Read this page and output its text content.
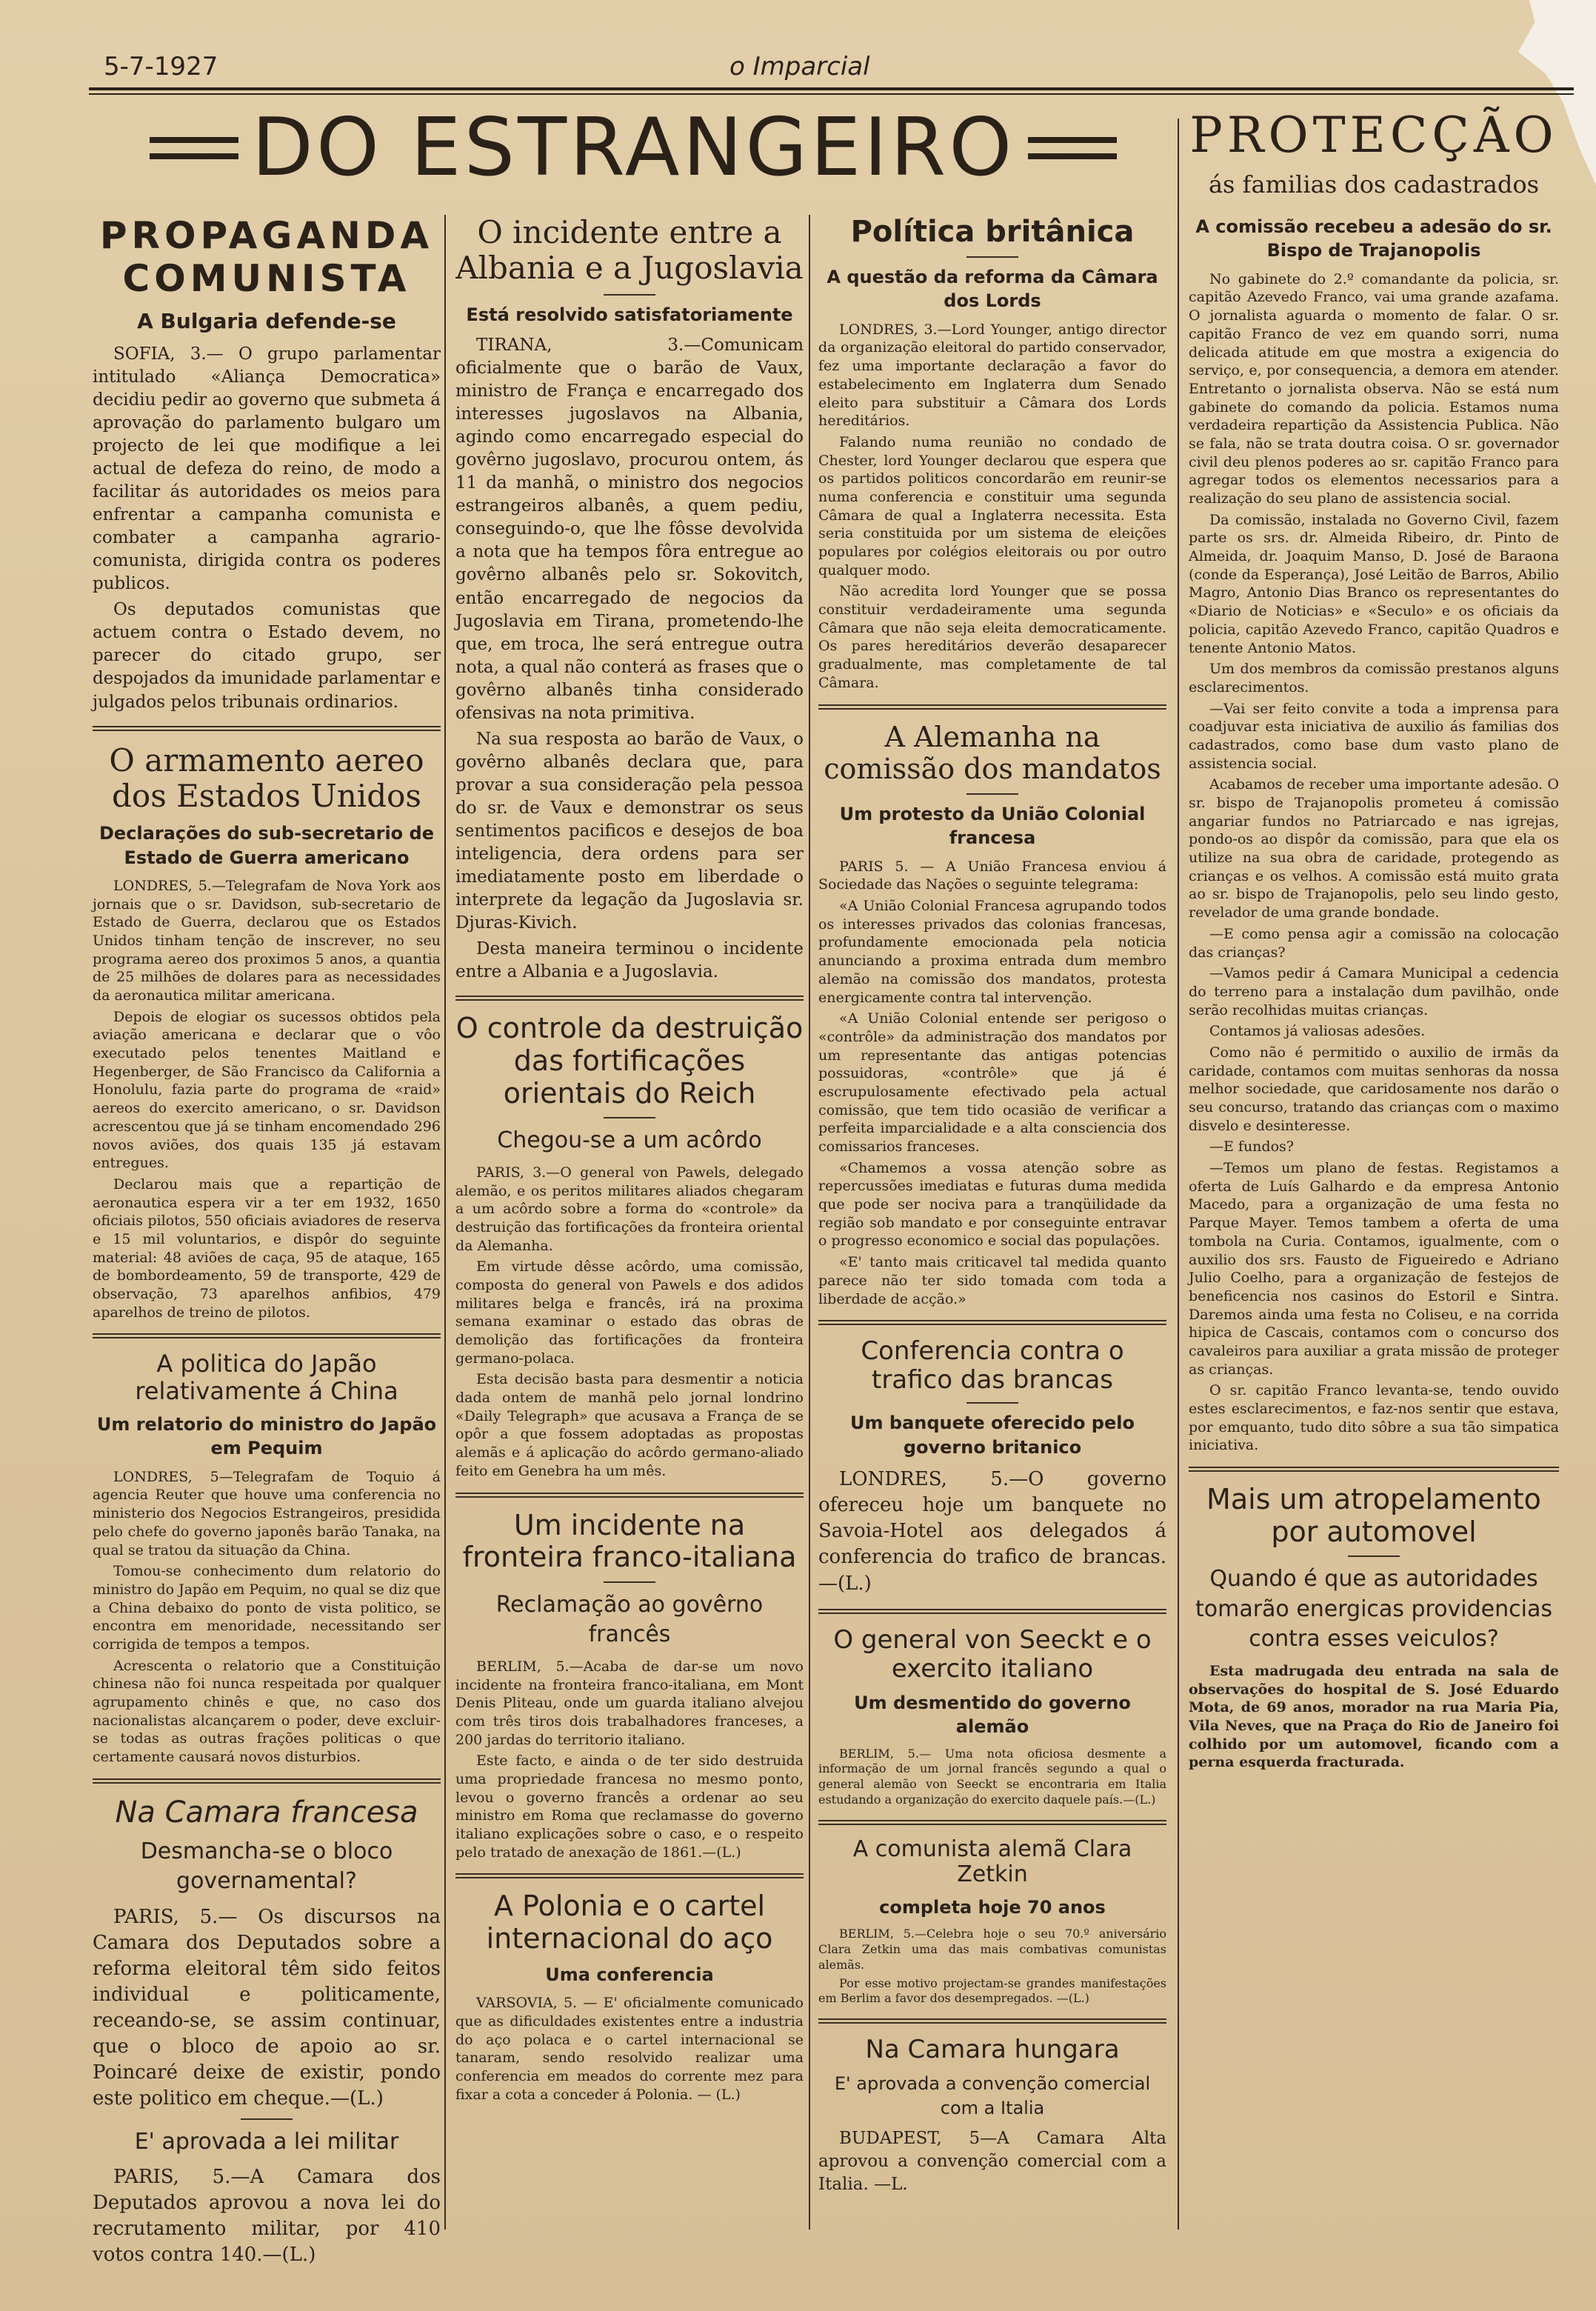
5-7-1927	o Imparcial
DO ESTRANGEIRO	PROTECÇÃO
ás familias dos cadastrados
PROPAGANDA COMUNISTA
A Bulgaria defende-se

SOFIA, 3.— O grupo parlamentar intitulado «Aliança Democratica» decidiu pedir ao governo que submeta á aprovação do parlamento bulgaro um projecto de lei que modifique a lei actual de defeza do reino, de modo a facilitar ás autoridades os meios para enfrentar a campanha comunista e combater a campanha agrario-comunista, dirigida contra os poderes publicos.

Os deputados comunistas que actuem contra o Estado devem, no parecer do citado grupo, ser despojados da imunidade parlamentar e julgados pelos tribunais ordinarios.

O armamento aereo dos Estados Unidos
Declarações do sub-secretario de Estado de Guerra americano

LONDRES, 5.—Telegrafam de Nova York aos jornais que o sr. Davidson, sub-secretario de Estado de Guerra, declarou que os Estados Unidos tinham tenção de inscrever, no seu programa aereo dos proximos 5 anos, a quantia de 25 milhões de dolares para as necessidades da aeronautica militar americana.

Depois de elogiar os sucessos obtidos pela aviação americana e declarar que o vôo executado pelos tenentes Maitland e Hegenberger, de São Francisco da California a Honolulu, fazia parte do programa de «raid» aereos do exercito americano, o sr. Davidson acrescentou que já se tinham encomendado 296 novos aviões, dos quais 135 já estavam entregues.

Declarou mais que a repartição de aeronautica espera vir a ter em 1932, 1650 oficiais pilotos, 550 oficiais aviadores de reserva e 15 mil voluntarios, e dispôr do seguinte material: 48 aviões de caça, 95 de ataque, 165 de bombordeamento, 59 de transporte, 429 de observação, 73 aparelhos anfibios, 479 aparelhos de treino de pilotos.

A politica do Japão relativamente á China
Um relatorio do ministro do Japão em Pequim

LONDRES, 5—Telegrafam de Toquio á agencia Reuter que houve uma conferencia no ministerio dos Negocios Estrangeiros, presidida pelo chefe do governo japonês barão Tanaka, na qual se tratou da situação da China.

Tomou-se conhecimento dum relatorio do ministro do Japão em Pequim, no qual se diz que a China debaixo do ponto de vista politico, se encontra em menoridade, necessitando ser corrigida de tempos a tempos.

Acrescenta o relatorio que a Constituição chinesa não foi nunca respeitada por qualquer agrupamento chinês e que, no caso dos nacionalistas alcançarem o poder, deve excluir-se todas as outras frações politicas o que certamente causará novos disturbios.

Na Camara francesa
Desmancha-se o bloco governamental?

PARIS, 5.— Os discursos na Camara dos Deputados sobre a reforma eleitoral têm sido feitos individual e politicamente, receando-se, se assim continuar, que o bloco de apoio ao sr. Poincaré deixe de existir, pondo este politico em cheque.—(L.)

E' aprovada a lei militar

PARIS, 5.—A Camara dos Deputados aprovou a nova lei do recrutamento militar, por 410 votos contra 140.—(L.)

O incidente entre a Albania e a Jugoslavia
Está resolvido satisfatoriamente

TIRANA, 3.—Comunicam oficialmente que o barão de Vaux, ministro de França e encarregado dos interesses jugoslavos na Albania, agindo como encarregado especial do govêrno jugoslavo, procurou ontem, ás 11 da manhã, o ministro dos negocios estrangeiros albanês, a quem pediu, conseguindo-o, que lhe fôsse devolvida a nota que ha tempos fôra entregue ao govêrno albanês pelo sr. Sokovitch, então encarregado de negocios da Jugoslavia em Tirana, prometendo-lhe que, em troca, lhe será entregue outra nota, a qual não conterá as frases que o govêrno albanês tinha considerado ofensivas na nota primitiva.

Na sua resposta ao barão de Vaux, o govêrno albanês declara que, para provar a sua consideração pela pessoa do sr. de Vaux e demonstrar os seus sentimentos pacificos e desejos de boa inteligencia, dera ordens para ser imediatamente posto em liberdade o interprete da legação da Jugoslavia sr. Djuras-Kivich.

Desta maneira terminou o incidente entre a Albania e a Jugoslavia.

O controle da destruição das fortificações orientais do Reich
Chegou-se a um acôrdo

PARIS, 3.—O general von Pawels, delegado alemão, e os peritos militares aliados chegaram a um acôrdo sobre a forma do «controle» da destruição das fortificações da fronteira oriental da Alemanha.

Em virtude dêsse acôrdo, uma comissão, composta do general von Pawels e dos adidos militares belga e francês, irá na proxima semana examinar o estado das obras de demolição das fortificações da fronteira germano-polaca.

Esta decisão basta para desmentir a noticia dada ontem de manhã pelo jornal londrino «Daily Telegraph» que acusava a França de se opôr a que fossem adoptadas as propostas alemãs e á aplicação do acôrdo germano-aliado feito em Genebra ha um mês.

Um incidente na fronteira franco-italiana
Reclamação ao govêrno francês

BERLIM, 5.—Acaba de dar-se um novo incidente na fronteira franco-italiana, em Mont Denis Pliteau, onde um guarda italiano alvejou com três tiros dois trabalhadores franceses, a 200 jardas do territorio italiano.

Este facto, e ainda o de ter sido destruida uma propriedade francesa no mesmo ponto, levou o governo francês a ordenar ao seu ministro em Roma que reclamasse do governo italiano explicações sobre o caso, e o respeito pelo tratado de anexação de 1861.—(L.)

A Polonia e o cartel internacional do aço
Uma conferencia

VARSOVIA, 5. — E' oficialmente comunicado que as dificuldades existentes entre a industria do aço polaca e o cartel internacional se tanaram, sendo resolvido realizar uma conferencia em meados do corrente mez para fixar a cota a conceder á Polonia. — (L.)

Política britânica
A questão da reforma da Câmara dos Lords

LONDRES, 3.—Lord Younger, antigo director da organização eleitoral do partido conservador, fez uma importante declaração a favor do estabelecimento em Inglaterra dum Senado eleito para substituir a Câmara dos Lords hereditários.

Falando numa reunião no condado de Chester, lord Younger declarou que espera que os partidos politicos concordarão em reunir-se numa conferencia e constituir uma segunda Câmara de qual a Inglaterra necessita. Esta seria constituida por um sistema de eleições populares por colégios eleitorais ou por outro qualquer modo.

Não acredita lord Younger que se possa constituir verdadeiramente uma segunda Câmara que não seja eleita democraticamente. Os pares hereditários deverão desaparecer gradualmente, mas completamente de tal Câmara.

A Alemanha na comissão dos mandatos
Um protesto da União Colonial francesa

PARIS 5. — A União Francesa enviou á Sociedade das Nações o seguinte telegrama:

«A União Colonial Francesa agrupando todos os interesses privados das colonias francesas, profundamente emocionada pela noticia anunciando a proxima entrada dum membro alemão na comissão dos mandatos, protesta energicamente contra tal intervenção.

«A União Colonial entende ser perigoso o «contrôle» da administração dos mandatos por um representante das antigas potencias possuidoras, «contrôle» que já é escrupulosamente efectivado pela actual comissão, que tem tido ocasião de verificar a perfeita imparcialidade e a alta consciencia dos comissarios franceses.

«Chamemos a vossa atenção sobre as repercussões imediatas e futuras duma medida que pode ser nociva para a tranqüilidade da região sob mandato e por conseguinte entravar o progresso economico e social das populações.

«E' tanto mais criticavel tal medida quanto parece não ter sido tomada com toda a liberdade de acção.»

Conferencia contra o trafico das brancas
Um banquete oferecido pelo governo britanico

LONDRES, 5.—O governo ofereceu hoje um banquete no Savoia-Hotel aos delegados á conferencia do trafico de brancas. —(L.)

O general von Seeckt e o exercito italiano
Um desmentido do governo alemão

BERLIM, 5.— Uma nota oficiosa desmente a informação de um jornal francês segundo a qual o general alemão von Seeckt se encontraria em Italia estudando a organização do exercito daquele país.—(L.)

A comunista alemã Clara Zetkin
completa hoje 70 anos

BERLIM, 5.—Celebra hoje o seu 70.º aniversário Clara Zetkin uma das mais combativas comunistas alemãs.

Por esse motivo projectam-se grandes manifestações em Berlim a favor dos desempregados. —(L.)

Na Camara hungara
E' aprovada a convenção comercial com a Italia

BUDAPEST, 5—A Camara Alta aprovou a convenção comercial com a Italia. —L.

A comissão recebeu a adesão do sr. Bispo de Trajanopolis

No gabinete do 2.º comandante da policia, sr. capitão Azevedo Franco, vai uma grande azafama. O jornalista aguarda o momento de falar. O sr. capitão Franco de vez em quando sorri, numa delicada atitude em que mostra a exigencia do serviço, e, por consequencia, a demora em atender. Entretanto o jornalista observa. Não se está num gabinete do comando da policia. Estamos numa verdadeira repartição da Assistencia Publica. Não se fala, não se trata doutra coisa. O sr. governador civil deu plenos poderes ao sr. capitão Franco para agregar todos os elementos necessarios para a realização do seu plano de assistencia social.

Da comissão, instalada no Governo Civil, fazem parte os srs. dr. Almeida Ribeiro, dr. Pinto de Almeida, dr. Joaquim Manso, D. José de Baraona (conde da Esperança), José Leitão de Barros, Abilio Magro, Antonio Dias Branco os representantes do «Diario de Noticias» e «Seculo» e os oficiais da policia, capitão Azevedo Franco, capitão Quadros e tenente Antonio Matos.

Um dos membros da comissão prestanos alguns esclarecimentos.

—Vai ser feito convite a toda a imprensa para coadjuvar esta iniciativa de auxilio ás familias dos cadastrados, como base dum vasto plano de assistencia social.

Acabamos de receber uma importante adesão. O sr. bispo de Trajanopolis prometeu á comissão angariar fundos no Patriarcado e nas igrejas, pondo-os ao dispôr da comissão, para que ela os utilize na sua obra de caridade, protegendo as crianças e os velhos. A comissão está muito grata ao sr. bispo de Trajanopolis, pelo seu lindo gesto, revelador de uma grande bondade.

—E como pensa agir a comissão na colocação das crianças?

—Vamos pedir á Camara Municipal a cedencia do terreno para a instalação dum pavilhão, onde serão recolhidas muitas crianças.

Contamos já valiosas adesões.

Como não é permitido o auxilio de irmãs da caridade, contamos com muitas senhoras da nossa melhor sociedade, que caridosamente nos darão o seu concurso, tratando das crianças com o maximo disvelo e desinteresse.

—E fundos?

—Temos um plano de festas. Registamos a oferta de Luís Galhardo e da empresa Antonio Macedo, para a organização de uma festa no Parque Mayer. Temos tambem a oferta de uma tombola na Curia. Contamos, igualmente, com o auxilio dos srs. Fausto de Figueiredo e Adriano Julio Coelho, para a organização de festejos de beneficencia nos casinos do Estoril e Sintra. Daremos ainda uma festa no Coliseu, e na corrida hipica de Cascais, contamos com o concurso dos cavaleiros para auxiliar a grata missão de proteger as crianças.

O sr. capitão Franco levanta-se, tendo ouvido estes esclarecimentos, e faz-nos sentir que estava, por emquanto, tudo dito sôbre a sua tão simpatica iniciativa.

Mais um atropelamento por automovel
Quando é que as autoridades tomarão energicas providencias contra esses veiculos?

Esta madrugada deu entrada na sala de observações do hospital de S. José Eduardo Mota, de 69 anos, morador na rua Maria Pia, Vila Neves, que na Praça do Rio de Janeiro foi colhido por um automovel, ficando com a perna esquerda fracturada.
